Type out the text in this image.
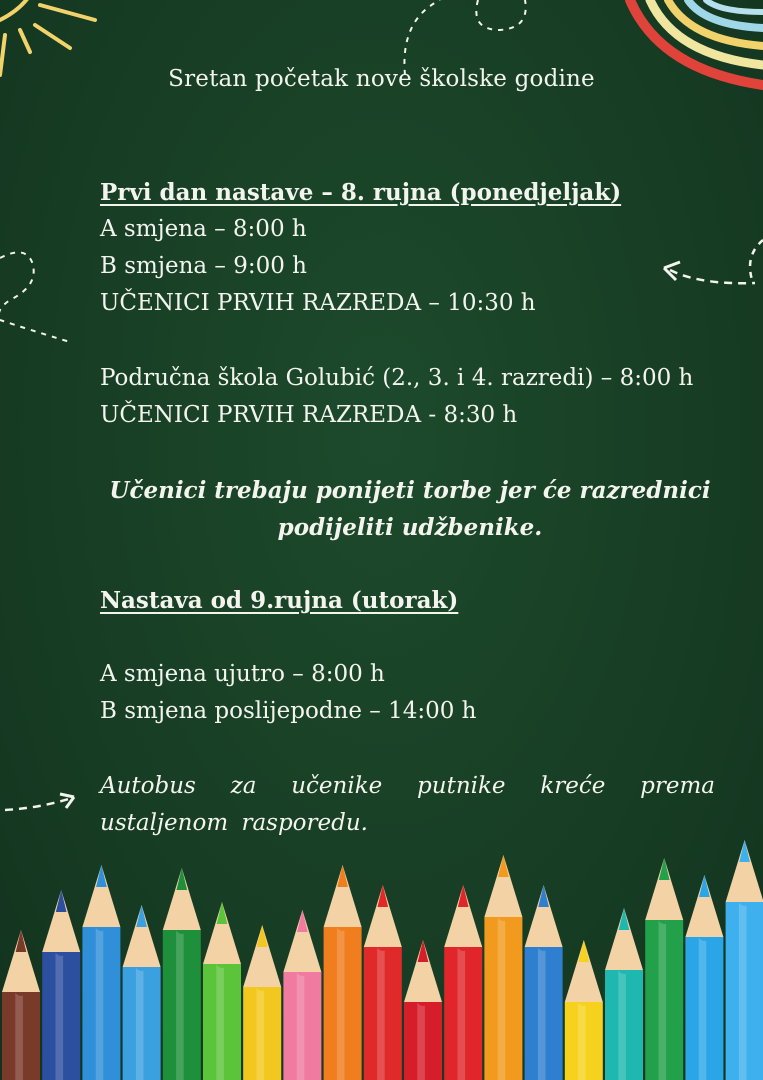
Sretan početak nove školske godine
Prvi dan nastave – 8. rujna (ponedjeljak)
A smjena – 8:00 h
B smjena – 9:00 h
UČENICI PRVIH RAZREDA – 10:30 h
Područna škola Golubić (2., 3. i 4. razredi) – 8:00 h
UČENICI PRVIH RAZREDA - 8:30 h
Učenici trebaju ponijeti torbe jer će razrednici podijeliti udžbenike.
Nastava od 9.rujna (utorak)
A smjena ujutro – 8:00 h
B smjena poslijepodne – 14:00 h
Autobus za učenike putnike kreće prema ustaljenom rasporedu.
